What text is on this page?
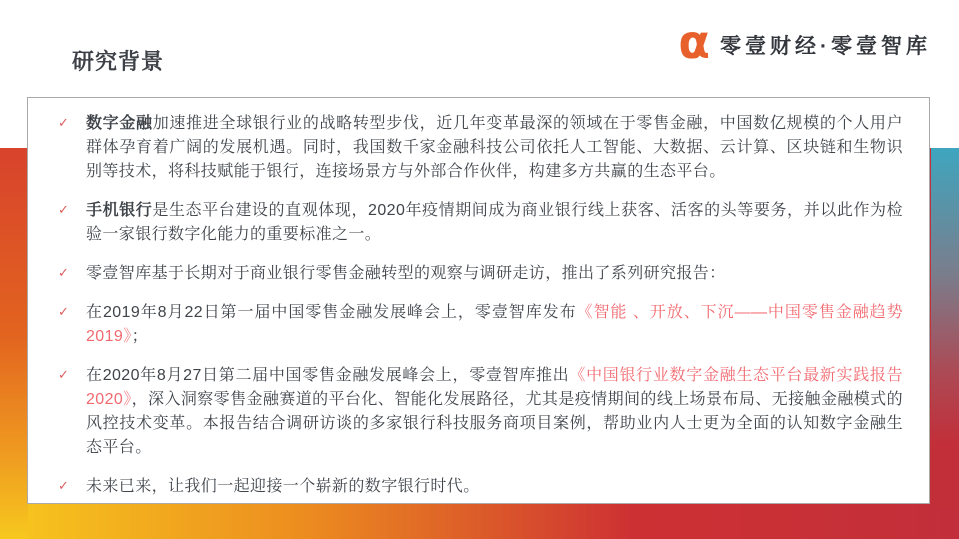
研究背景	α 零壹财经·零壹智库
✓	数字金融加速推进全球银行业的战略转型步伐，近几年变革最深的领域在于零售金融，中国数亿规模的个人用户群体孕育着广阔的发展机遇。同时，我国数千家金融科技公司依托人工智能、大数据、云计算、区块链和生物识别等技术，将科技赋能于银行，连接场景方与外部合作伙伴，构建多方共赢的生态平台。

✓	手机银行是生态平台建设的直观体现，2020年疫情期间成为商业银行线上获客、活客的头等要务，并以此作为检验一家银行数字化能力的重要标准之一。

✓	零壹智库基于长期对于商业银行零售金融转型的观察与调研走访，推出了系列研究报告：

✓	在2019年8月22日第一届中国零售金融发展峰会上，零壹智库发布《智能 、开放、下沉——中国零售金融趋势2019》；

✓	在2020年8月27日第二届中国零售金融发展峰会上，零壹智库推出《中国银行业数字金融生态平台最新实践报告2020》，深入洞察零售金融赛道的平台化、智能化发展路径，尤其是疫情期间的线上场景布局、无接触金融模式的风控技术变革。本报告结合调研访谈的多家银行科技服务商项目案例，帮助业内人士更为全面的认知数字金融生态平台。

✓	未来已来，让我们一起迎接一个崭新的数字银行时代。
